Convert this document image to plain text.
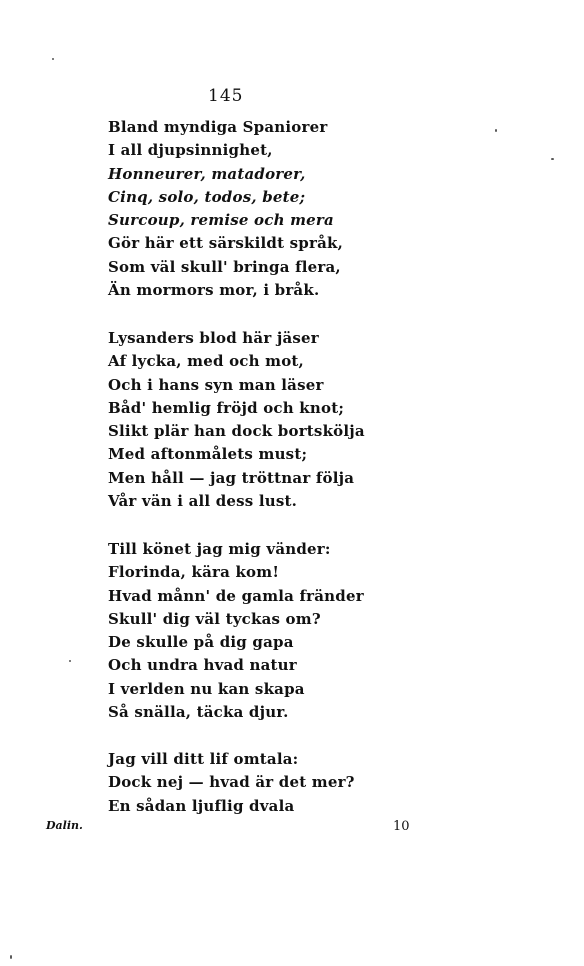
145
Bland myndiga Spaniorer
I all djupsinnighet,
Honneurer, matadorer,
Cinq, solo, todos, bete;
Surcoup, remise och mera
Gör här ett särskildt språk,
Som väl skull' bringa flera,
Än mormors mor, i bråk.
Lysanders blod här jäser
Af lycka, med och mot,
Och i hans syn man läser
Båd' hemlig fröjd och knot;
Slikt plär han dock bortskölja
Med aftonmålets must;
Men håll — jag tröttnar följa
Vår vän i all dess lust.
Till könet jag mig vänder:
Florinda, kära kom!
Hvad månn' de gamla fränder
Skull' dig väl tyckas om?
De skulle på dig gapa
Och undra hvad natur
I verlden nu kan skapa
Så snälla, täcka djur.
Jag vill ditt lif omtala:
Dock nej — hvad är det mer?
En sådan ljuflig dvala
Dalin.	10
